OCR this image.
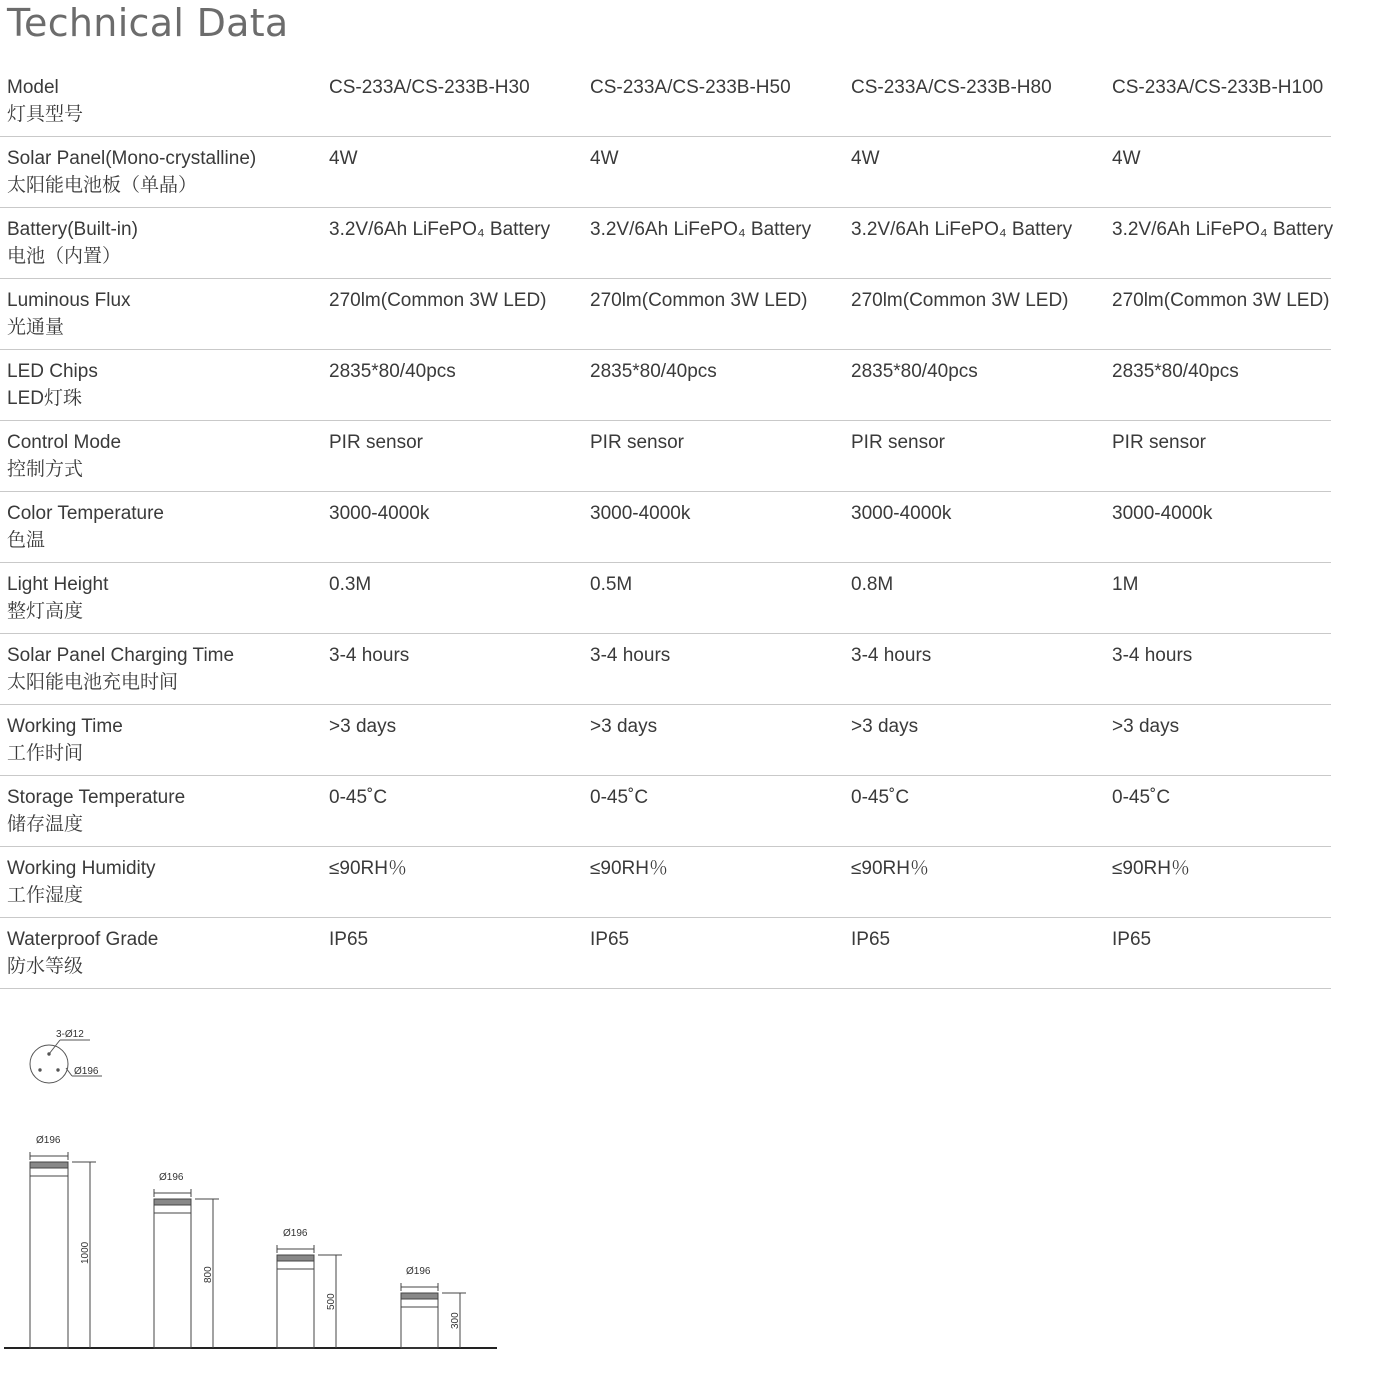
Technical Data
Model
灯具型号
CS-233A/CS-233B-H30	CS-233A/CS-233B-H50	CS-233A/CS-233B-H80	CS-233A/CS-233B-H100
Solar Panel(Mono-crystalline)
太阳能电池板（单晶）
4W	4W	4W	4W
Battery(Built-in)
电池（内置）
3.2V/6Ah LiFePO₄ Battery 3.2V/6Ah LiFePO₄ Battery 3.2V/6Ah LiFePO₄ Battery 3.2V/6Ah LiFePO₄ Battery
Luminous Flux
光通量
270lm(Common 3W LED) 270lm(Common 3W LED) 270lm(Common 3W LED) 270lm(Common 3W LED)
LED Chips
LED灯珠
2835*80/40pcs	2835*80/40pcs	2835*80/40pcs	2835*80/40pcs
Control Mode
控制方式
PIR sensor	PIR sensor	PIR sensor	PIR sensor
Color Temperature
色温
3000-4000k	3000-4000k	3000-4000k	3000-4000k
Light Height
整灯高度
0.3M	0.5M	0.8M	1M
Solar Panel Charging Time
太阳能电池充电时间
3-4 hours	3-4 hours	3-4 hours	3-4 hours
Working Time
工作时间
>3 days	>3 days	>3 days	>3 days
Storage Temperature
储存温度
0-45˚C	0-45˚C	0-45˚C	0-45˚C
Working Humidity
工作湿度
≤90RH％	≤90RH％	≤90RH％	≤90RH％
Waterproof Grade
防水等级
IP65	IP65	IP65	IP65
3-Ø12
Ø196
Ø196
1000
Ø196
800
Ø196
500
Ø196
300
